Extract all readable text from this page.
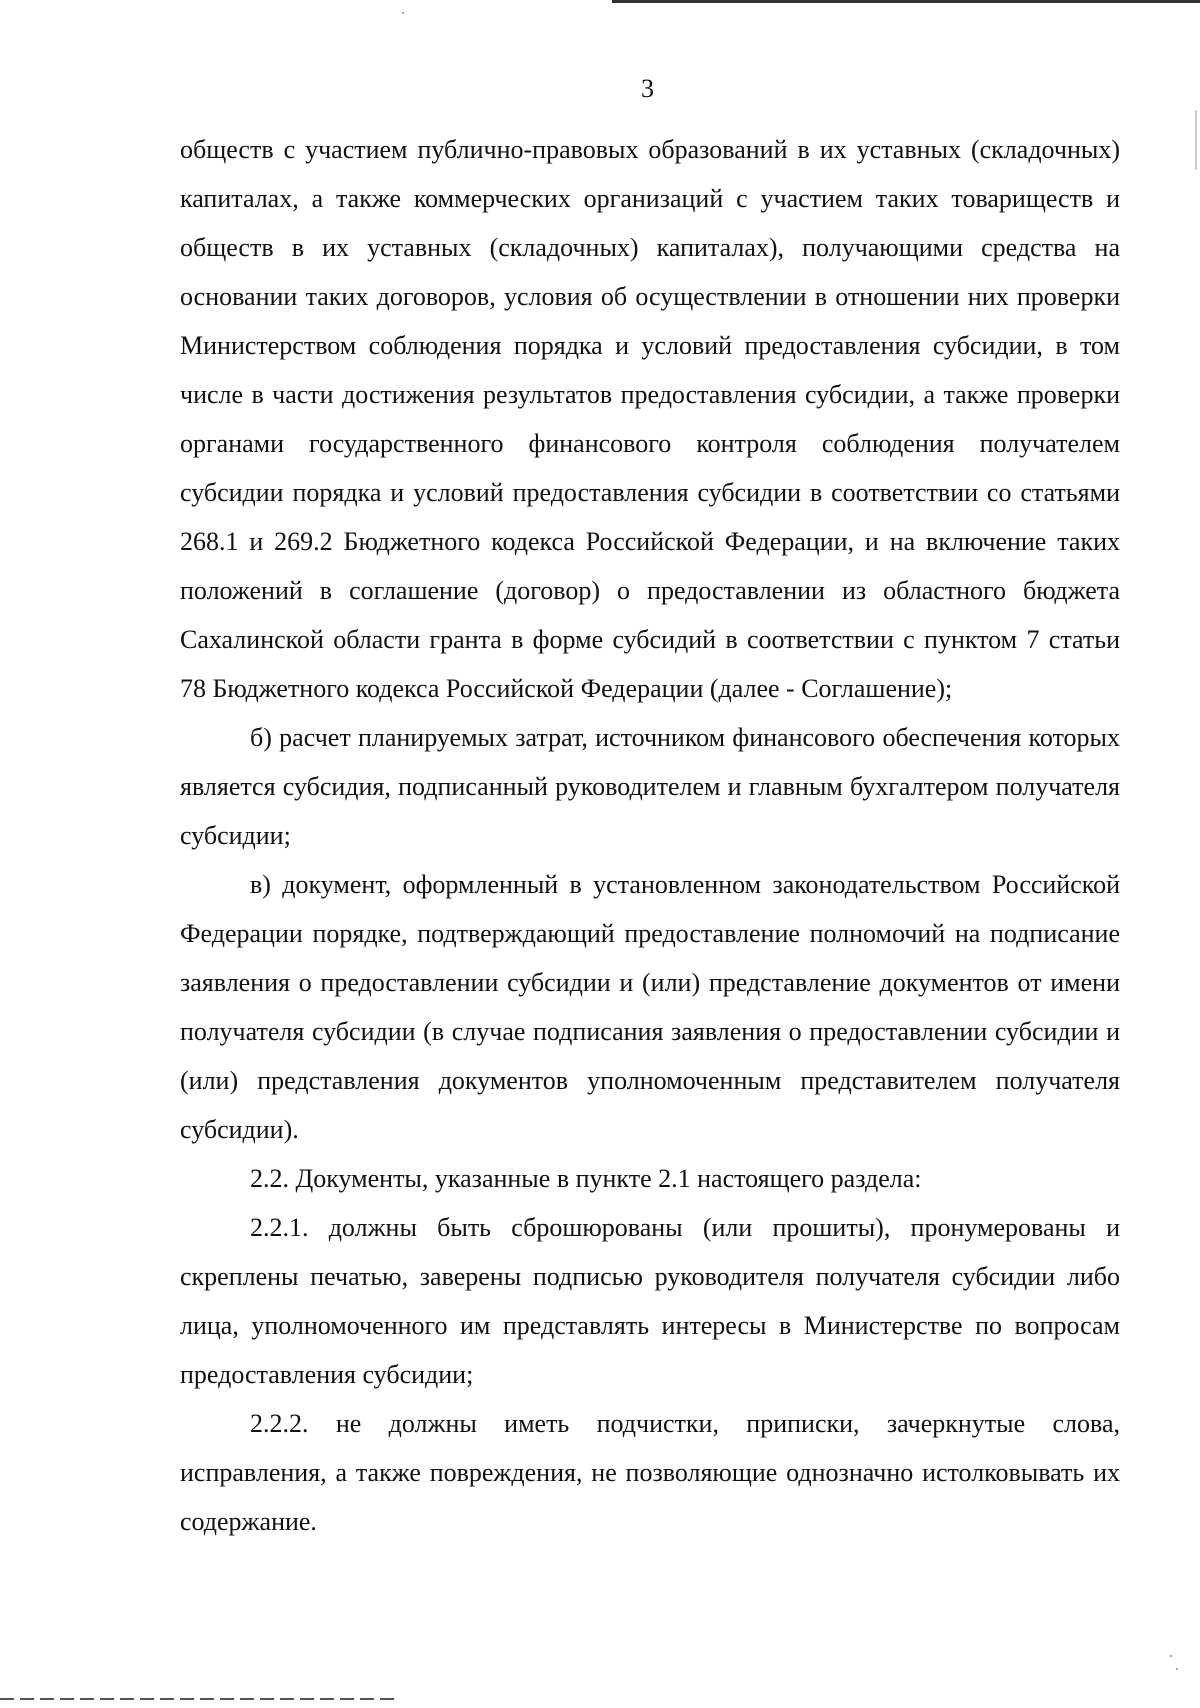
3

обществ с участием публично-правовых образований в их уставных (складочных) капиталах, а также коммерческих организаций с участием таких товариществ и обществ в их уставных (складочных) капиталах), получающими средства на основании таких договоров, условия об осуществлении в отношении них проверки Министерством соблюдения порядка и условий предоставления субсидии, в том числе в части достижения результатов предоставления субсидии, а также проверки органами государственного финансового контроля соблюдения получателем субсидии порядка и условий предоставления субсидии в соответствии со статьями 268.1 и 269.2 Бюджетного кодекса Российской Федерации, и на включение таких положений в соглашение (договор) о предоставлении из областного бюджета Сахалинской области гранта в форме субсидий в соответствии с пунктом 7 статьи 78 Бюджетного кодекса Российской Федерации (далее - Соглашение);

б) расчет планируемых затрат, источником финансового обеспечения которых является субсидия, подписанный руководителем и главным бухгалтером получателя субсидии;

в) документ, оформленный в установленном законодательством Российской Федерации порядке, подтверждающий предоставление полномочий на подписание заявления о предоставлении субсидии и (или) представление документов от имени получателя субсидии (в случае подписания заявления о предоставлении субсидии и (или) представления документов уполномоченным представителем получателя субсидии).

2.2. Документы, указанные в пункте 2.1 настоящего раздела:

2.2.1. должны быть сброшюрованы (или прошиты), пронумерованы и скреплены печатью, заверены подписью руководителя получателя субсидии либо лица, уполномоченного им представлять интересы в Министерстве по вопросам предоставления субсидии;

2.2.2. не должны иметь подчистки, приписки, зачеркнутые слова, исправления, а также повреждения, не позволяющие однозначно истолковывать их содержание.
